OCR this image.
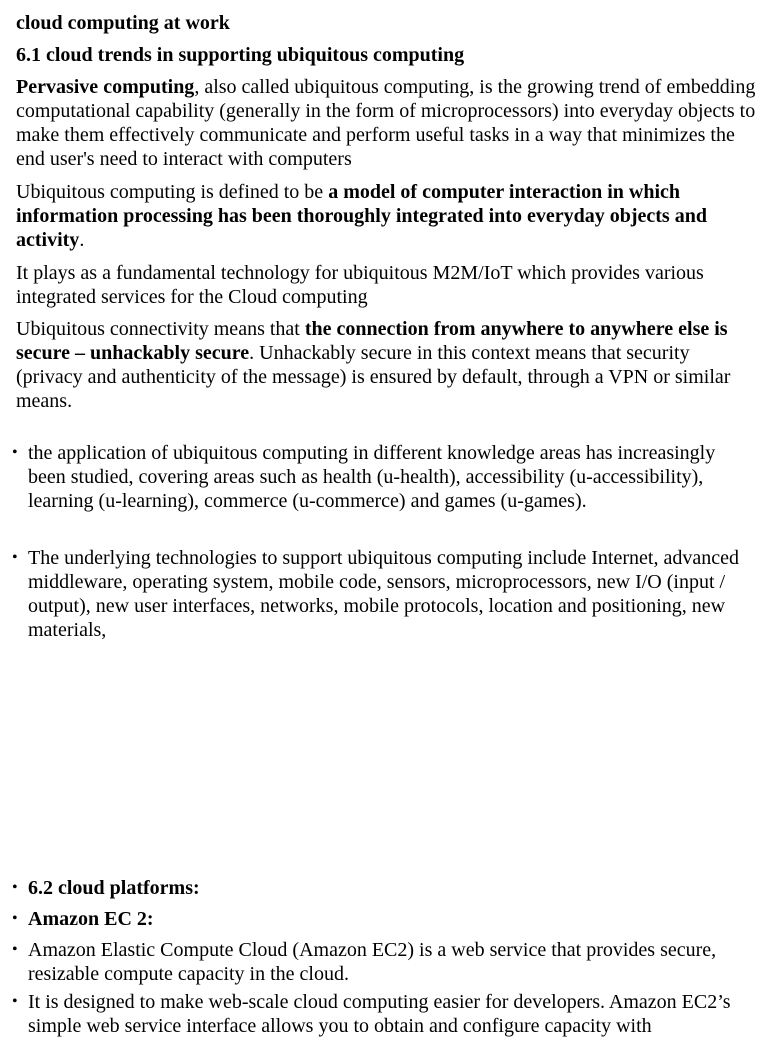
cloud computing at work

6.1 cloud trends in supporting ubiquitous computing

Pervasive computing, also called ubiquitous computing, is the growing trend of embedding computational capability (generally in the form of microprocessors) into everyday objects to make them effectively communicate and perform useful tasks in a way that minimizes the end user's need to interact with computers

Ubiquitous computing is defined to be a model of computer interaction in which information processing has been thoroughly integrated into everyday objects and activity.

It plays as a fundamental technology for ubiquitous M2M/IoT which provides various integrated services for the Cloud computing

Ubiquitous connectivity means that the connection from anywhere to anywhere else is secure – unhackably secure. Unhackably secure in this context means that security (privacy and authenticity of the message) is ensured by default, through a VPN or similar means.

• the application of ubiquitous computing in different knowledge areas has increasingly been studied, covering areas such as health (u-health), accessibility (u-accessibility), learning (u-learning), commerce (u-commerce) and games (u-games).

• The underlying technologies to support ubiquitous computing include Internet, advanced middleware, operating system, mobile code, sensors, microprocessors, new I/O (input / output), new user interfaces, networks, mobile protocols, location and positioning, new materials,

• 6.2 cloud platforms:

• Amazon EC 2:

• Amazon Elastic Compute Cloud (Amazon EC2) is a web service that provides secure, resizable compute capacity in the cloud.

• It is designed to make web-scale cloud computing easier for developers. Amazon EC2’s simple web service interface allows you to obtain and configure capacity with
